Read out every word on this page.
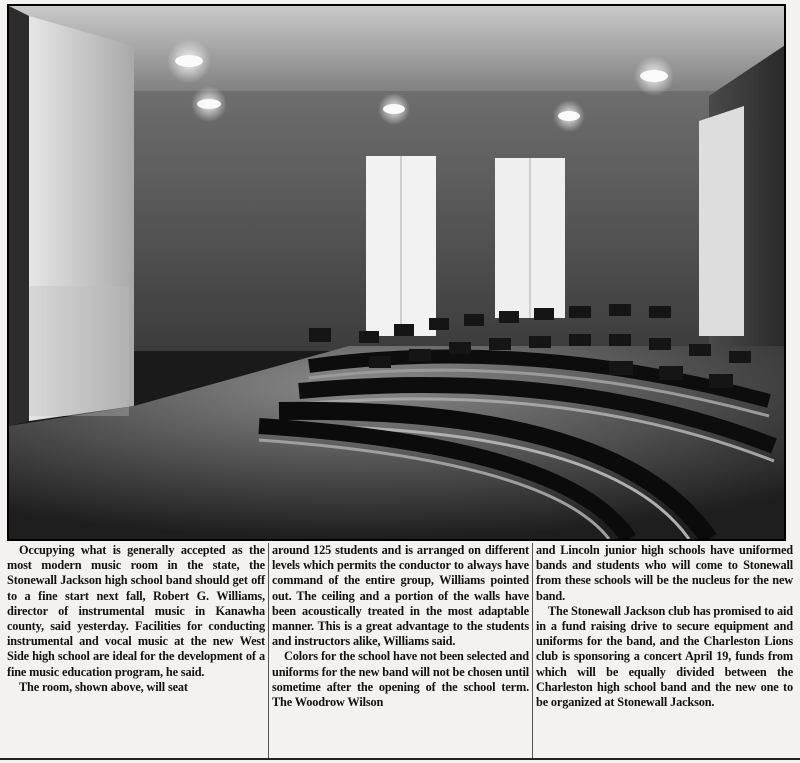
Occupying what is generally accepted as the most modern music room in the state, the Stonewall Jackson high school band should get off to a fine start next fall, Robert G. Williams, director of instrumental music in Kanawha county, said yesterday. Facilities for conducting instrumental and vocal music at the new West Side high school are ideal for the development of a fine music education program, he said.

The room, shown above, will seat

around 125 students and is arranged on different levels which permits the conductor to always have command of the entire group, Williams pointed out. The ceiling and a portion of the walls have been acoustically treated in the most adaptable manner. This is a great advantage to the students and instructors alike, Williams said.

Colors for the school have not been selected and uniforms for the new band will not be chosen until sometime after the opening of the school term. The Woodrow Wilson

and Lincoln junior high schools have uniformed bands and students who will come to Stonewall from these schools will be the nucleus for the new band.

The Stonewall Jackson club has promised to aid in a fund raising drive to secure equipment and uniforms for the band, and the Charleston Lions club is sponsoring a concert April 19, funds from which will be equally divided between the Charleston high school band and the new one to be organized at Stonewall Jackson.
